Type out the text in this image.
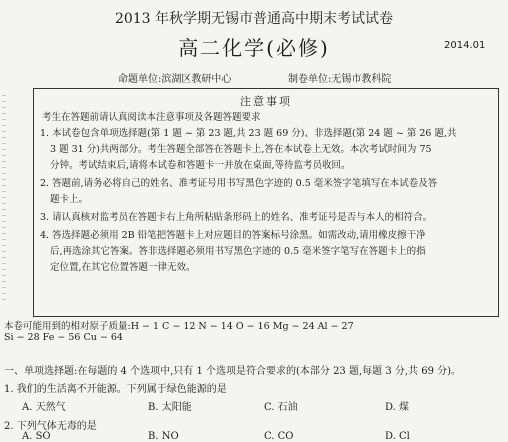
2013 年秋学期无锡市普通高中期末考试试卷
高二化学(必修)	2014.01
命题单位:滨湖区教研中心	制卷单位:无锡市教科院
注意事项
考生在答题前请认真阅读本注意事项及各题答题要求
1. 本试卷包含单项选择题(第 1 题 ~ 第 23 题,共 23 题 69 分)、非选择题(第 24 题 ~ 第 26 题,共
3 题 31 分)共两部分。考生答题全部答在答题卡上,答在本试卷上无效。本次考试时间为 75
分钟。考试结束后,请将本试卷和答题卡一并放在桌面,等待监考员收回。
2. 答题前,请务必将自己的姓名、准考证号用书写黑色字迹的 0.5 毫米签字笔填写在本试卷及答
题卡上。
3. 请认真核对监考员在答题卡右上角所粘贴条形码上的姓名、准考证号是否与本人的相符合。
4. 答选择题必须用 2B 铅笔把答题卡上对应题目的答案标号涂黑。如需改动,请用橡皮擦干净
后,再选涂其它答案。答非选择题必须用书写黑色字迹的 0.5 毫米签字笔写在答题卡上的指
定位置,在其它位置答题一律无效。
本卷可能用到的相对原子质量:H − 1 C − 12 N − 14 O − 16 Mg − 24 Al − 27
Si − 28 Fe − 56 Cu − 64
一、单项选择题:在每题的 4 个选项中,只有 1 个选项是符合要求的(本部分 23 题,每题 3 分,共 69 分)。
1. 我们的生活离不开能源。下列属于绿色能源的是
A. 天然气	B. 太阳能	C. 石油	D. 煤
2. 下列气体无毒的是
A. SO	B. NO	C. CO	D. Cl
